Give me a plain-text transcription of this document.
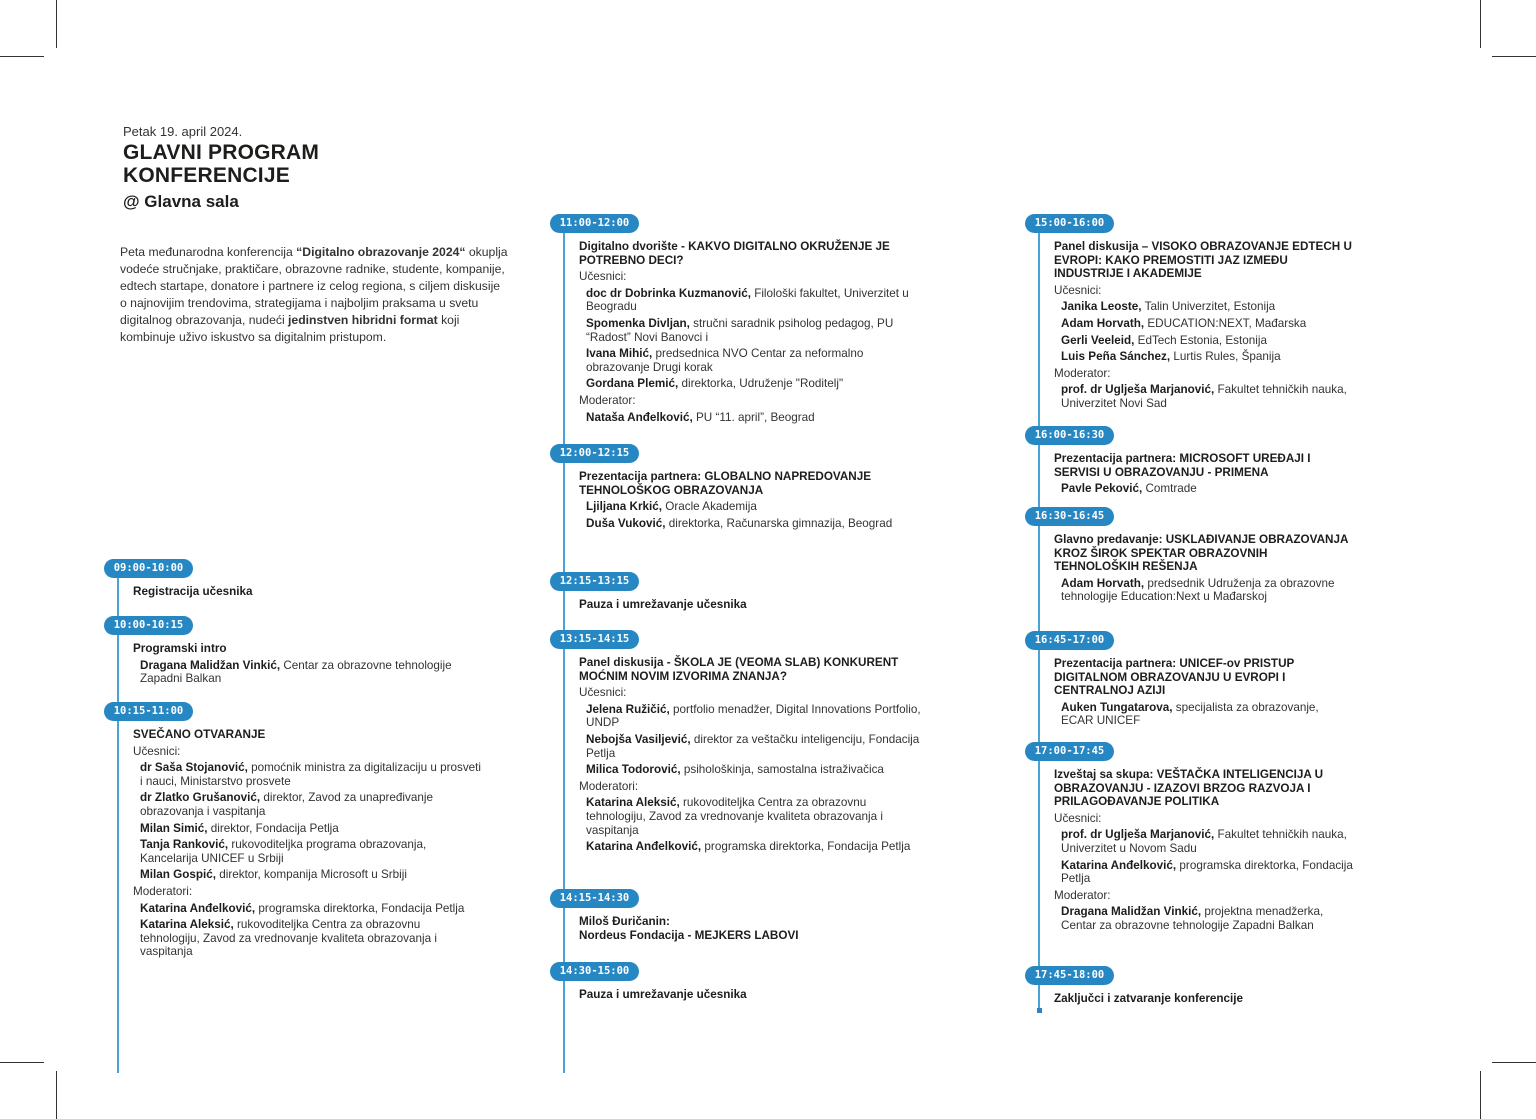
Petak 19. april 2024.

GLAVNI PROGRAM
KONFERENCIJE
@ Glavna sala

Peta međunarodna konferencija “Digitalno obrazovanje 2024“ okuplja vodeće stručnjake, praktičare, obrazovne radnike, studente, kompanije, edtech startape, donatore i partnere iz celog regiona, s ciljem diskusije o najnovijim trendovima, strategijama i najboljim praksama u svetu digitalnog obrazovanja, nudeći jedinstven hibridni format koji kombinuje uživo iskustvo sa digitalnim pristupom.

09:00-10:00
Registracija učesnika
10:00-10:15
Programski intro
Dragana Malidžan Vinkić, Centar za obrazovne tehnologije Zapadni Balkan
10:15-11:00
SVEČANO OTVARANJE
Učesnici:
dr Saša Stojanović, pomoćnik ministra za digitalizaciju u prosveti i nauci, Ministarstvo prosvete
dr Zlatko Grušanović, direktor, Zavod za unapređivanje obrazovanja i vaspitanja
Milan Simić, direktor, Fondacija Petlja
Tanja Ranković, rukovoditeljka programa obrazovanja, Kancelarija UNICEF u Srbiji
Milan Gospić, direktor, kompanija Microsoft u Srbiji
Moderatori:
Katarina Anđelković, programska direktorka, Fondacija Petlja
Katarina Aleksić, rukovoditeljka Centra za obrazovnu tehnologiju, Zavod za vrednovanje kvaliteta obrazovanja i vaspitanja
11:00-12:00
Digitalno dvorište - KAKVO DIGITALNO OKRUŽENJE JE POTREBNO DECI?
Učesnici:
doc dr Dobrinka Kuzmanović, Filološki fakultet, Univerzitet u Beogradu
Spomenka Divljan, stručni saradnik psiholog pedagog, PU “Radost” Novi Banovci i
Ivana Mihić, predsednica NVO Centar za neformalno obrazovanje Drugi korak
Gordana Plemić, direktorka, Udruženje "Roditelj"
Moderator:
Nataša Anđelković, PU “11. april”, Beograd
12:00-12:15
Prezentacija partnera: GLOBALNO NAPREDOVANJE TEHNOLOŠKOG OBRAZOVANJA
Ljiljana Krkić, Oracle Akademija
Duša Vuković, direktorka, Računarska gimnazija, Beograd
12:15-13:15
Pauza i umrežavanje učesnika
13:15-14:15
Panel diskusija - ŠKOLA JE (VEOMA SLAB) KONKURENT MOĆNIM NOVIM IZVORIMA ZNANJA?
Učesnici:
Jelena Ružičić, portfolio menadžer, Digital Innovations Portfolio, UNDP
Nebojša Vasiljević, direktor za veštačku inteligenciju, Fondacija Petlja
Milica Todorović, psihološkinja, samostalna istraživačica
Moderatori:
Katarina Aleksić, rukovoditeljka Centra za obrazovnu tehnologiju, Zavod za vrednovanje kvaliteta obrazovanja i vaspitanja
Katarina Anđelković, programska direktorka, Fondacija Petlja
14:15-14:30
Miloš Đuričanin:
Nordeus Fondacija - MEJKERS LABOVI
14:30-15:00
Pauza i umrežavanje učesnika
15:00-16:00
Panel diskusija – VISOKO OBRAZOVANJE EDTECH U EVROPI: KAKO PREMOSTITI JAZ IZMEĐU INDUSTRIJE I AKADEMIJE
Učesnici:
Janika Leoste, Talin Univerzitet, Estonija
Adam Horvath, EDUCATION:NEXT, Mađarska
Gerli Veeleid, EdTech Estonia, Estonija
Luis Peña Sánchez, Lurtis Rules, Španija
Moderator:
prof. dr Uglješa Marjanović, Fakultet tehničkih nauka, Univerzitet Novi Sad
16:00-16:30
Prezentacija partnera: MICROSOFT UREĐAJI I SERVISI U OBRAZOVANJU - PRIMENA
Pavle Peković, Comtrade
16:30-16:45
Glavno predavanje: USKLAĐIVANJE OBRAZOVANJA KROZ ŠIROK SPEKTAR OBRAZOVNIH TEHNOLOŠKIH REŠENJA
Adam Horvath, predsednik Udruženja za obrazovne tehnologije Education:Next u Mađarskoj
16:45-17:00
Prezentacija partnera: UNICEF-ov PRISTUP DIGITALNOM OBRAZOVANJU U EVROPI I CENTRALNOJ AZIJI
Auken Tungatarova, specijalista za obrazovanje, ECAR UNICEF
17:00-17:45
Izveštaj sa skupa: VEŠTAČKA INTELIGENCIJA U OBRAZOVANJU - IZAZOVI BRZOG RAZVOJA I PRILAGOĐAVANJE POLITIKA
Učesnici:
prof. dr Uglješa Marjanović, Fakultet tehničkih nauka, Univerzitet u Novom Sadu
Katarina Anđelković, programska direktorka, Fondacija Petlja
Moderator:
Dragana Malidžan Vinkić, projektna menadžerka, Centar za obrazovne tehnologije Zapadni Balkan
17:45-18:00
Zaključci i zatvaranje konferencije
